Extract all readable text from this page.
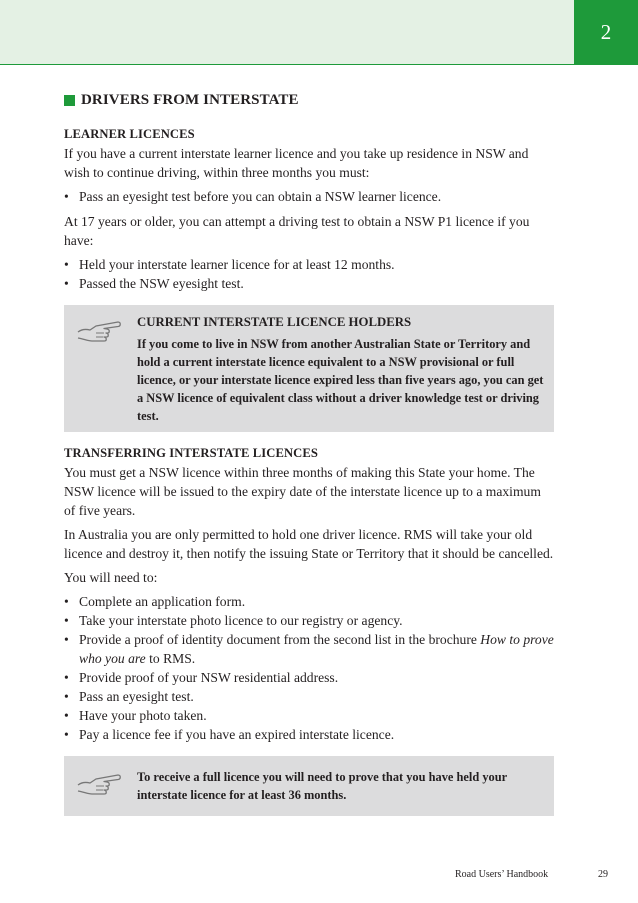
2
DRIVERS FROM INTERSTATE
LEARNER LICENCES

If you have a current interstate learner licence and you take up residence in NSW and wish to continue driving, within three months you must:

• Pass an eyesight test before you can obtain a NSW learner licence.

At 17 years or older, you can attempt a driving test to obtain a NSW P1 licence if you have:

• Held your interstate learner licence for at least 12 months.
• Passed the NSW eyesight test.
CURRENT INTERSTATE LICENCE HOLDERS
If you come to live in NSW from another Australian State or Territory and hold a current interstate licence equivalent to a NSW provisional or full licence, or your interstate licence expired less than five years ago, you can get a NSW licence of equivalent class without a driver knowledge test or driving test.
TRANSFERRING INTERSTATE LICENCES

You must get a NSW licence within three months of making this State your home. The NSW licence will be issued to the expiry date of the interstate licence up to a maximum of five years.

In Australia you are only permitted to hold one driver licence. RMS will take your old licence and destroy it, then notify the issuing State or Territory that it should be cancelled.

You will need to:

• Complete an application form.
• Take your interstate photo licence to our registry or agency.
• Provide a proof of identity document from the second list in the brochure How to prove who you are to RMS.
• Provide proof of your NSW residential address.
• Pass an eyesight test.
• Have your photo taken.
• Pay a licence fee if you have an expired interstate licence.
To receive a full licence you will need to prove that you have held your interstate licence for at least 36 months.
Road Users’ Handbook	29
